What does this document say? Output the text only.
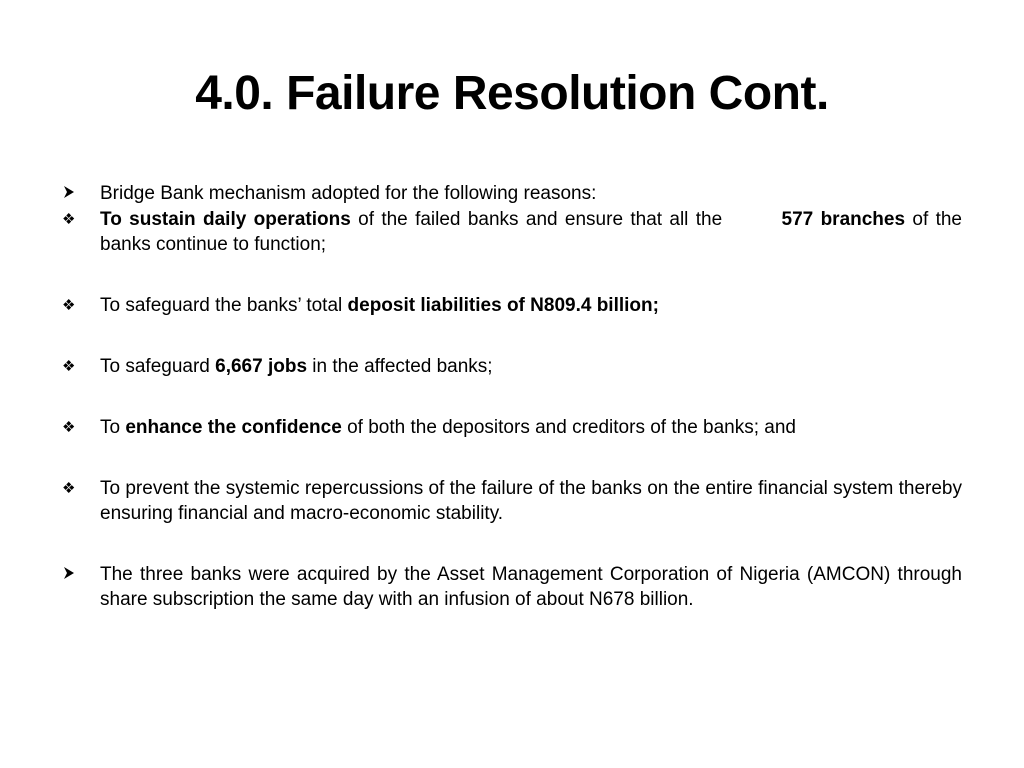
4.0. Failure Resolution Cont.
Bridge Bank mechanism adopted for the following reasons:
❖	To sustain daily operations of the failed banks and ensure that all the	577 branches of the banks continue to function;
❖	To safeguard the banks’ total deposit liabilities of N809.4 billion;
❖	To safeguard 6,667 jobs in the affected banks;
❖	To enhance the confidence of both the depositors and creditors of the banks; and
❖	To prevent the systemic repercussions of the failure of the banks on the entire financial system thereby ensuring financial and macro-economic stability.
The three banks were acquired by the Asset Management Corporation of Nigeria (AMCON) through share subscription the same day with an infusion of about N678 billion.
